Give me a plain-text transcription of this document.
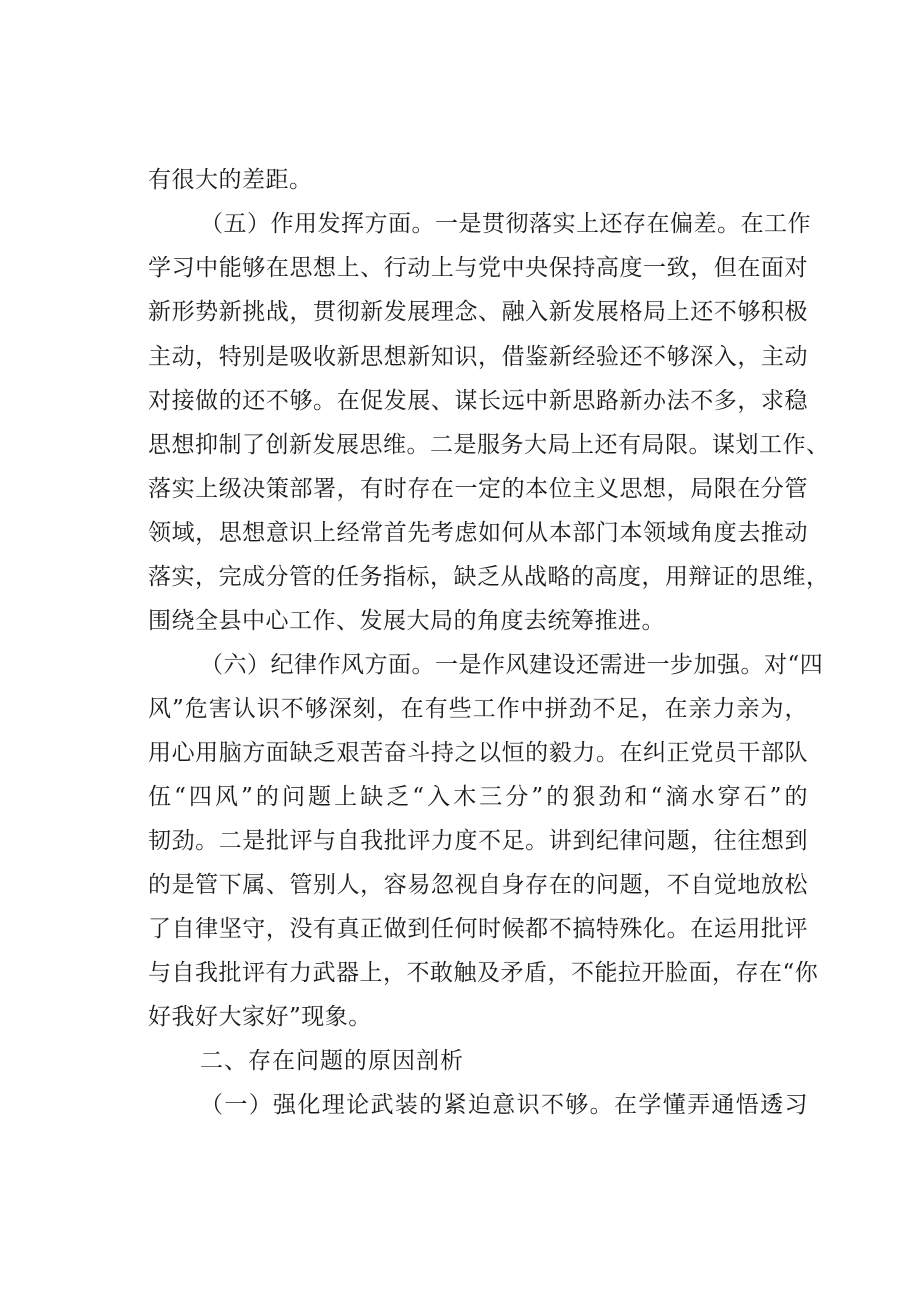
有很大的差距。
（五）作用发挥方面。一是贯彻落实上还存在偏差。在工作
学习中能够在思想上、行动上与党中央保持高度一致，但在面对
新形势新挑战，贯彻新发展理念、融入新发展格局上还不够积极
主动，特别是吸收新思想新知识，借鉴新经验还不够深入，主动
对接做的还不够。在促发展、谋长远中新思路新办法不多，求稳
思想抑制了创新发展思维。二是服务大局上还有局限。谋划工作、
落实上级决策部署，有时存在一定的本位主义思想，局限在分管
领域，思想意识上经常首先考虑如何从本部门本领域角度去推动
落实，完成分管的任务指标，缺乏从战略的高度，用辩证的思维，
围绕全县中心工作、发展大局的角度去统筹推进。
（六）纪律作风方面。一是作风建设还需进一步加强。对“四
风”危害认识不够深刻，在有些工作中拼劲不足，在亲力亲为，
用心用脑方面缺乏艰苦奋斗持之以恒的毅力。在纠正党员干部队
伍“四风”的问题上缺乏“入木三分”的狠劲和“滴水穿石”的
韧劲。二是批评与自我批评力度不足。讲到纪律问题，往往想到
的是管下属、管别人，容易忽视自身存在的问题，不自觉地放松
了自律坚守，没有真正做到任何时候都不搞特殊化。在运用批评
与自我批评有力武器上，不敢触及矛盾，不能拉开脸面，存在“你
好我好大家好”现象。
二、存在问题的原因剖析
（一）强化理论武装的紧迫意识不够。在学懂弄通悟透习
